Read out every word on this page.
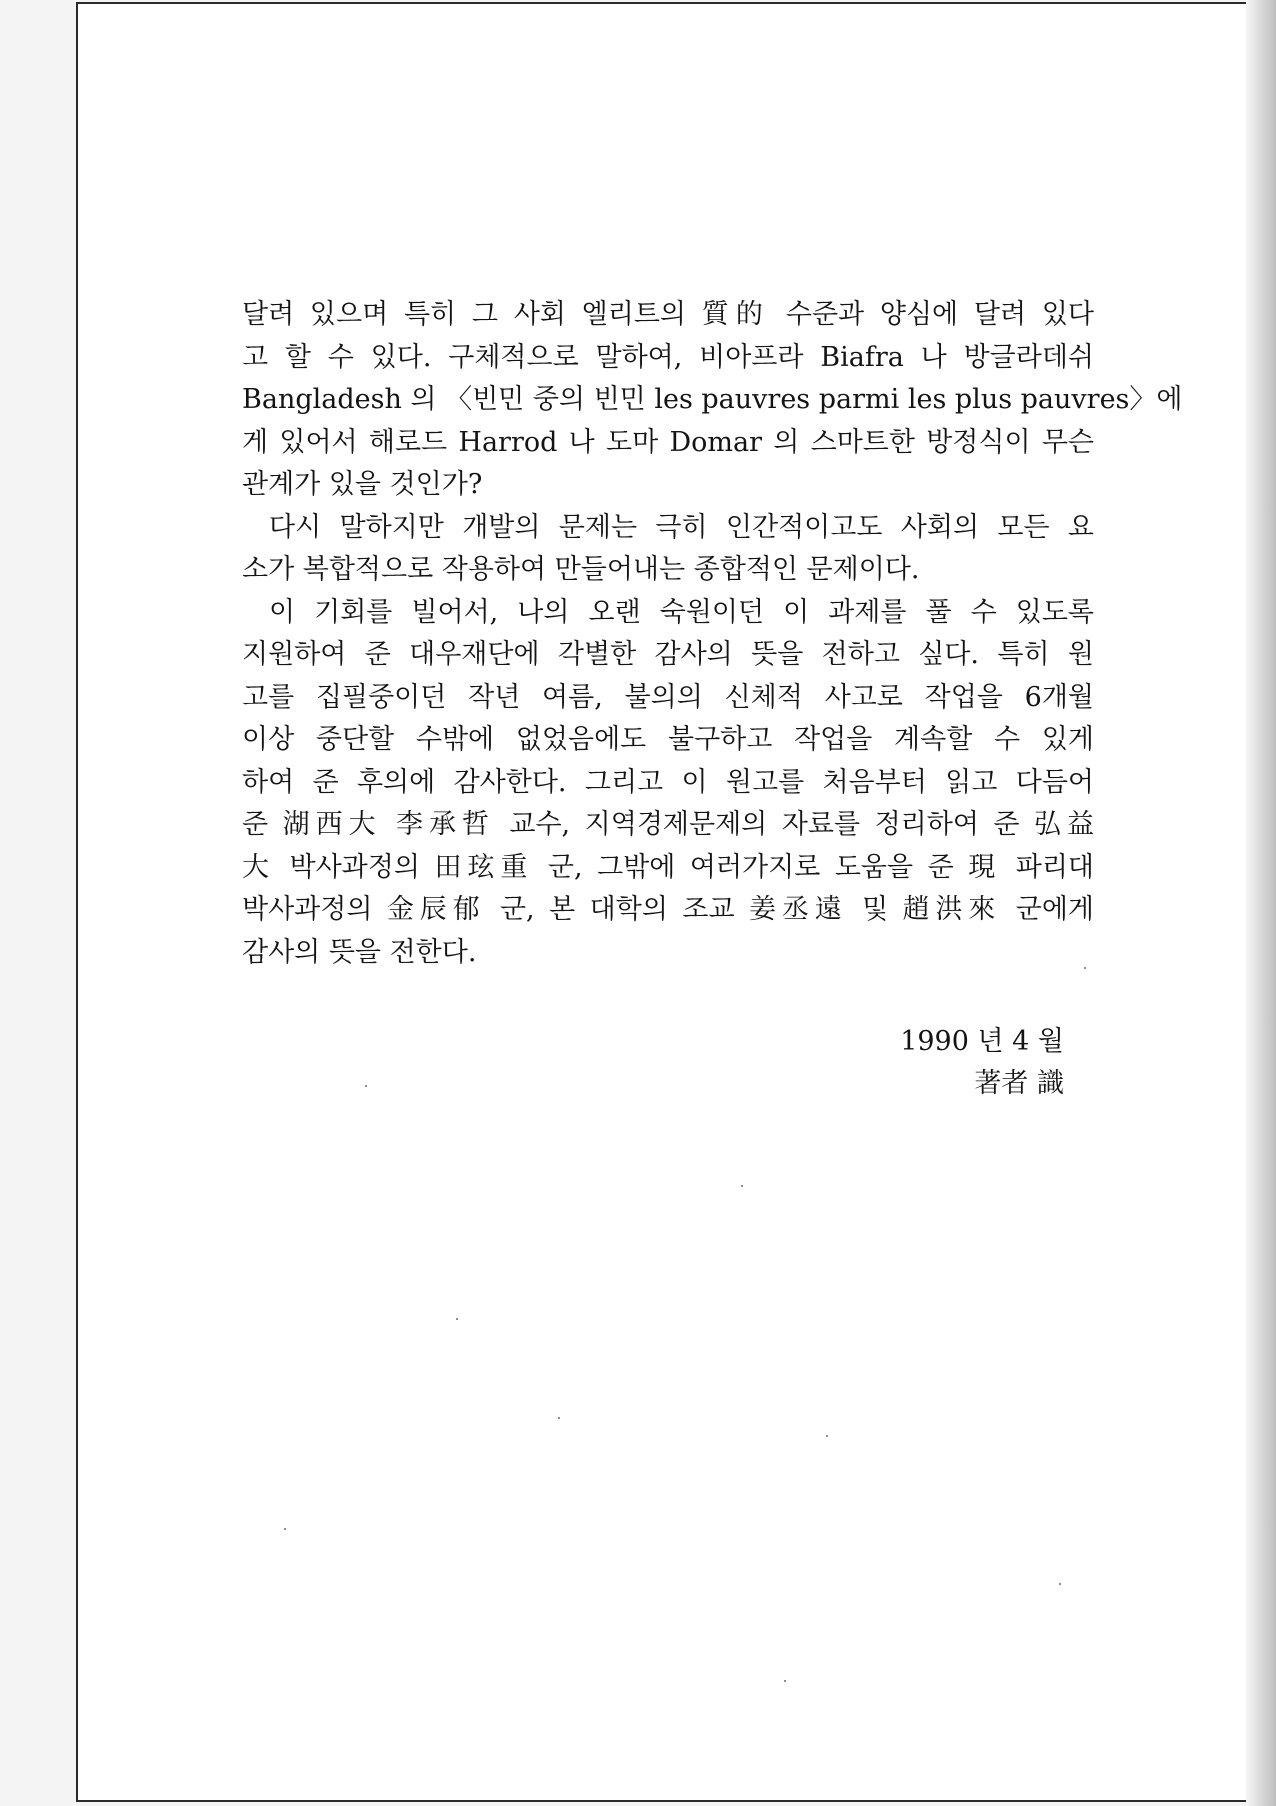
달려 있으며 특히 그 사회 엘리트의 質的 수준과 양심에 달려 있다
고 할 수 있다. 구체적으로 말하여, 비아프라 Biafra 나 방글라데쉬
Bangladesh 의 〈빈민 중의 빈민 les pauvres parmi les plus pauvres〉에
게 있어서 해로드 Harrod 나 도마 Domar 의 스마트한 방정식이 무슨
관계가 있을 것인가?
다시 말하지만 개발의 문제는 극히 인간적이고도 사회의 모든 요
소가 복합적으로 작용하여 만들어내는 종합적인 문제이다.
이 기회를 빌어서, 나의 오랜 숙원이던 이 과제를 풀 수 있도록
지원하여 준 대우재단에 각별한 감사의 뜻을 전하고 싶다. 특히 원
고를 집필중이던 작년 여름, 불의의 신체적 사고로 작업을 6개월
이상 중단할 수밖에 없었음에도 불구하고 작업을 계속할 수 있게
하여 준 후의에 감사한다. 그리고 이 원고를 처음부터 읽고 다듬어
준 湖西大 李承哲 교수, 지역경제문제의 자료를 정리하여 준 弘益
大 박사과정의 田玹重 군, 그밖에 여러가지로 도움을 준 現 파리대
박사과정의 金辰郁 군, 본 대학의 조교 姜丞遠 및 趙洪來 군에게
감사의 뜻을 전한다.
1990 년 4 월
著者 識
